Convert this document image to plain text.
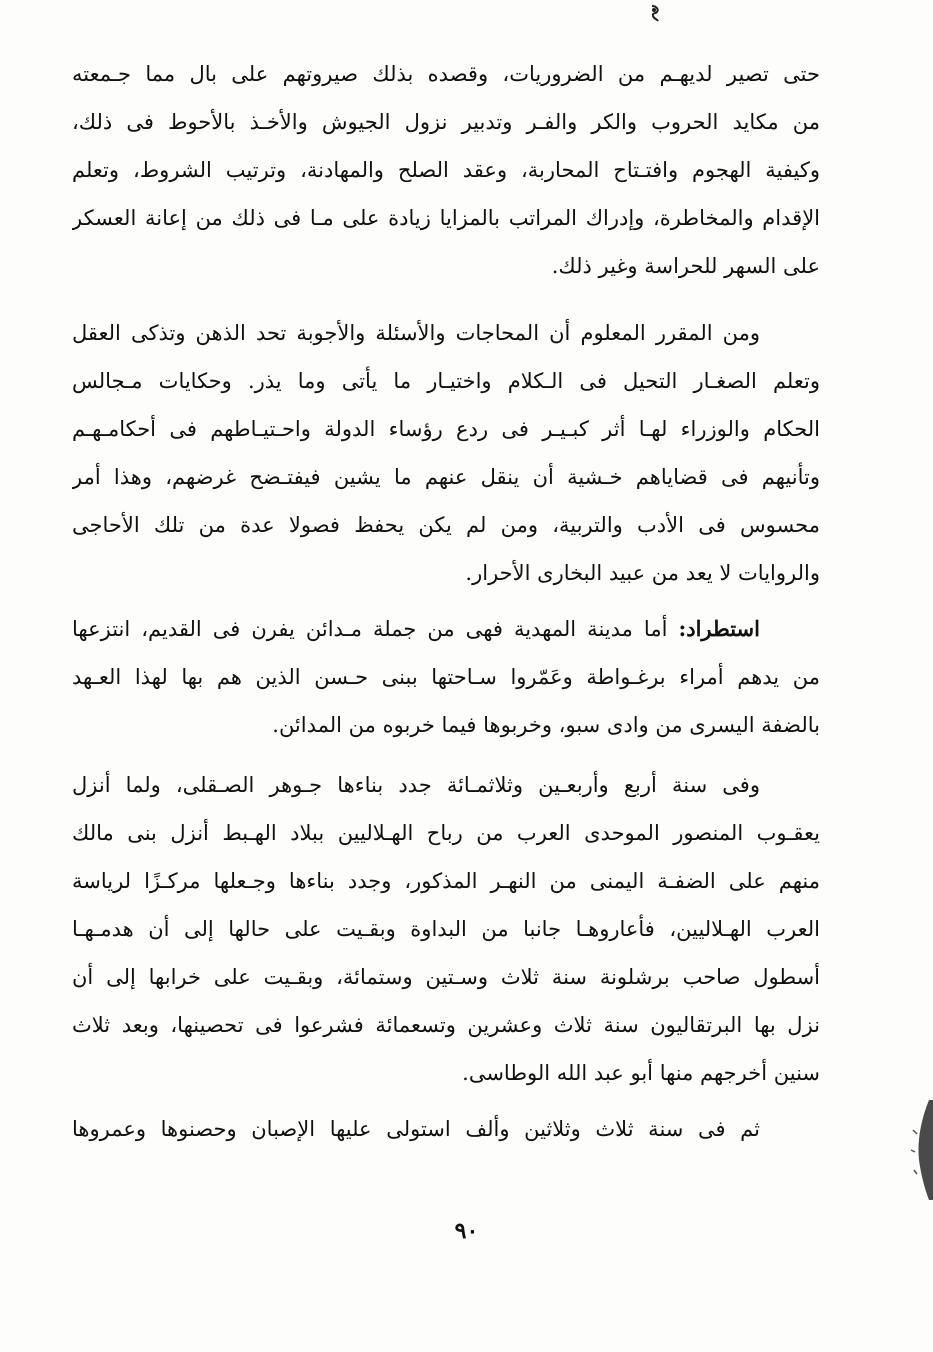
حتى تصير لديهـم من الضروريات، وقصده بذلك صيروتهم على بال مما جـمعته
من مكايد الحروب والكر والفـر وتدبير نزول الجيوش والأخـذ بالأحوط فى ذلك،
وكيفية الهجوم وافتـتاح المحاربة، وعقد الصلح والمهادنة، وترتيب الشروط، وتعلم
الإقدام والمخاطرة، وإدراك المراتب بالمزايا زيادة على مـا فى ذلك من إعانة العسكر
على السهر للحراسة وغير ذلك.
ومن المقرر المعلوم أن المحاجات والأسئلة والأجوبة تحد الذهن وتذكى العقل
وتعلم الصغـار التحيل فى الـكلام واختيـار ما يأتى وما يذر. وحكايات مـجالس
الحكام والوزراء لهـا أثر كبـيـر فى ردع رؤساء الدولة واحـتيـاطهم فى أحكامـهـم
وتأنيهم فى قضاياهم خـشية أن ينقل عنهم ما يشين فيفتـضح غرضهم، وهذا أمر
محسوس فى الأدب والتربية، ومن لم يكن يحفظ فصولا عدة من تلك الأحاجى
والروايات لا يعد من عبيد البخارى الأحرار.
استطراد: أما مدينة المهدية فهى من جملة مـدائن يفرن فى القديم، انتزعها
من يدهم أمراء برغـواطة وعَمّروا سـاحتها ببنى حـسن الذين هم بها لهذا العـهد
بالضفة اليسرى من وادى سبو، وخربوها فيما خربوه من المدائن.
وفى سنة أربع وأربعـين وثلاثمـائة جدد بناءها جـوهر الصـقلى، ولما أنزل
يعقـوب المنصور الموحدى العرب من رباح الهـلاليين ببلاد الهـبط أنزل بنى مالك
منهم على الضفـة اليمنى من النهـر المذكور، وجدد بناءها وجـعلها مركـزًا لرياسة
العرب الهـلاليين، فأعاروهـا جانبا من البداوة وبقـيت على حالها إلى أن هدمـهـا
أسطول صاحب برشلونة سنة ثلاث وسـتين وستمائة، وبقـيت على خرابها إلى أن
نزل بها البرتقاليون سنة ثلاث وعشرين وتسعمائة فشرعوا فى تحصينها، وبعد ثلاث
سنين أخرجهم منها أبو عبد الله الوطاسى.
ثم فى سنة ثلاث وثلاثين وألف استولى عليها الإصبان وحصنوها وعمروها
٩٠
